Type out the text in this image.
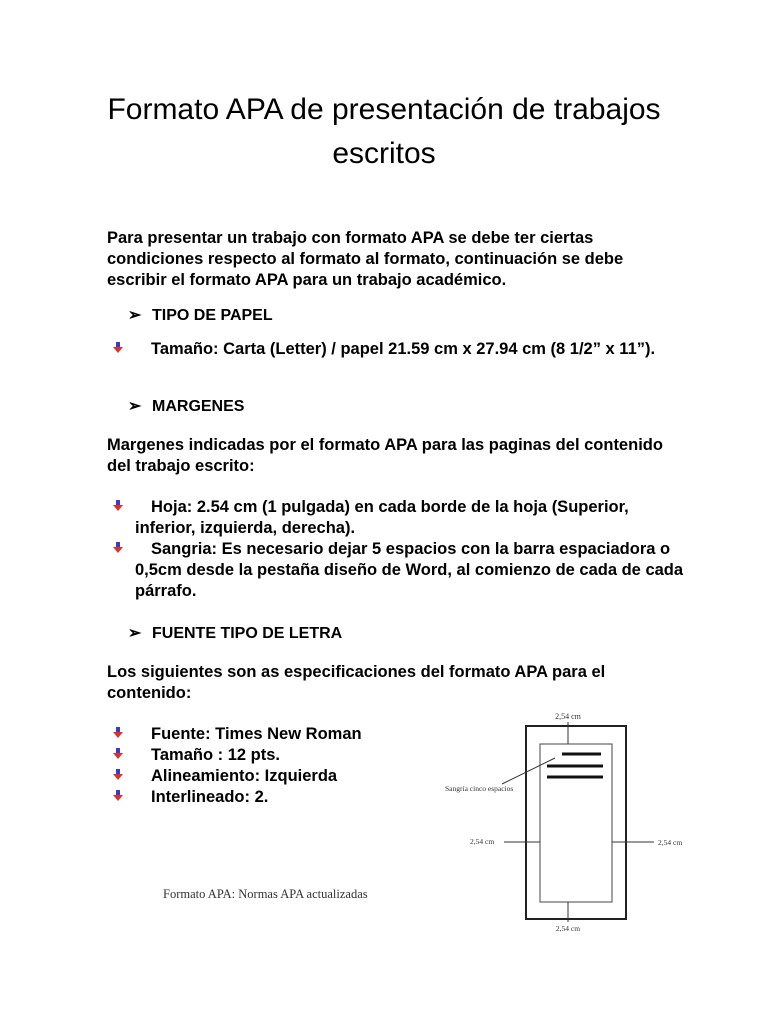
Formato APA de presentación de trabajos escritos
Para presentar un trabajo con formato APA se debe ter ciertas condiciones respecto al formato al formato, continuación se debe escribir el formato APA para un trabajo académico.
➢ TIPO DE PAPEL
Tamaño: Carta (Letter) / papel 21.59 cm x 27.94 cm (8 1/2” x 11”).
➢ MARGENES
Margenes indicadas por el formato APA para las paginas del contenido del trabajo escrito:
Hoja: 2.54 cm (1 pulgada) en cada borde de la hoja (Superior, inferior, izquierda, derecha).
Sangria: Es necesario dejar 5 espacios con la barra espaciadora o 0,5cm desde la pestaña diseño de Word, al comienzo de cada de cada párrafo.
➢ FUENTE TIPO DE LETRA
Los siguientes son as especificaciones del formato APA para el contenido:
Fuente: Times New Roman
Tamaño : 12 pts.
Alineamiento: Izquierda
Interlineado: 2.
Formato APA: Normas APA actualizadas
2,54 cm
Sangría cinco espacios
2,54 cm	2,54 cm
2,54 cm
